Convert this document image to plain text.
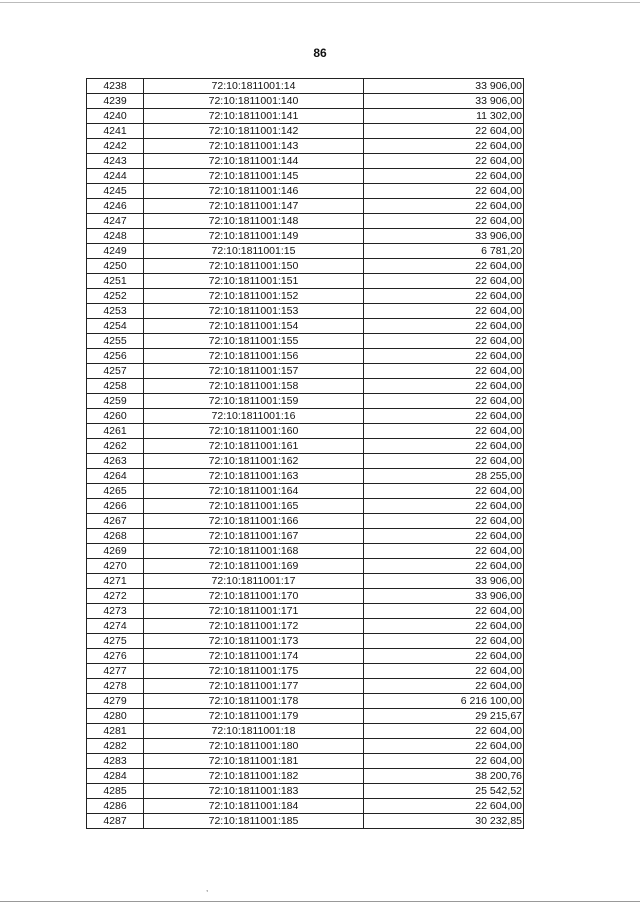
86
4238	72:10:1811001:14	33 906,00
4239	72:10:1811001:140	33 906,00
4240	72:10:1811001:141	11 302,00
4241	72:10:1811001:142	22 604,00
4242	72:10:1811001:143	22 604,00
4243	72:10:1811001:144	22 604,00
4244	72:10:1811001:145	22 604,00
4245	72:10:1811001:146	22 604,00
4246	72:10:1811001:147	22 604,00
4247	72:10:1811001:148	22 604,00
4248	72:10:1811001:149	33 906,00
4249	72:10:1811001:15	6 781,20
4250	72:10:1811001:150	22 604,00
4251	72:10:1811001:151	22 604,00
4252	72:10:1811001:152	22 604,00
4253	72:10:1811001:153	22 604,00
4254	72:10:1811001:154	22 604,00
4255	72:10:1811001:155	22 604,00
4256	72:10:1811001:156	22 604,00
4257	72:10:1811001:157	22 604,00
4258	72:10:1811001:158	22 604,00
4259	72:10:1811001:159	22 604,00
4260	72:10:1811001:16	22 604,00
4261	72:10:1811001:160	22 604,00
4262	72:10:1811001:161	22 604,00
4263	72:10:1811001:162	22 604,00
4264	72:10:1811001:163	28 255,00
4265	72:10:1811001:164	22 604,00
4266	72:10:1811001:165	22 604,00
4267	72:10:1811001:166	22 604,00
4268	72:10:1811001:167	22 604,00
4269	72:10:1811001:168	22 604,00
4270	72:10:1811001:169	22 604,00
4271	72:10:1811001:17	33 906,00
4272	72:10:1811001:170	33 906,00
4273	72:10:1811001:171	22 604,00
4274	72:10:1811001:172	22 604,00
4275	72:10:1811001:173	22 604,00
4276	72:10:1811001:174	22 604,00
4277	72:10:1811001:175	22 604,00
4278	72:10:1811001:177	22 604,00
4279	72:10:1811001:178	6 216 100,00
4280	72:10:1811001:179	29 215,67
4281	72:10:1811001:18	22 604,00
4282	72:10:1811001:180	22 604,00
4283	72:10:1811001:181	22 604,00
4284	72:10:1811001:182	38 200,76
4285	72:10:1811001:183	25 542,52
4286	72:10:1811001:184	22 604,00
4287	72:10:1811001:185	30 232,85
,
